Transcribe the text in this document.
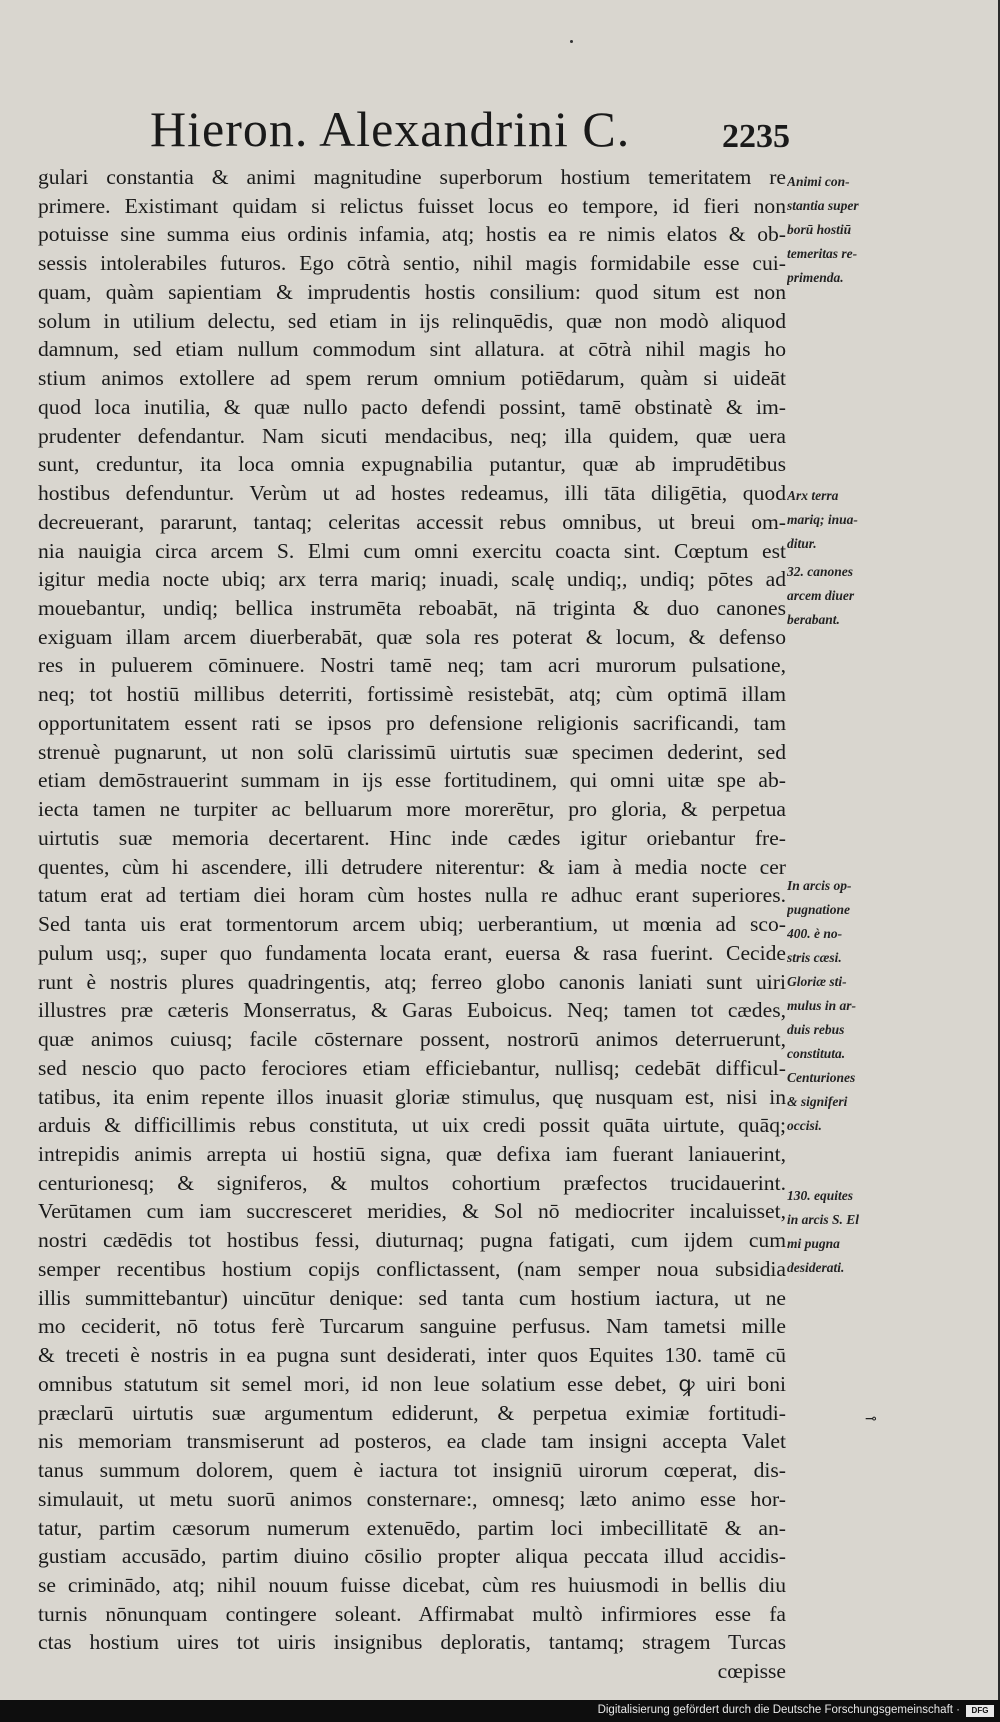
Hieron. Alexandrini C.	2235
gulari constantia & animi magnitudine superborum hostium temeritatem re
primere. Existimant quidam si relictus fuisset locus eo tempore, id fieri non
potuisse sine summa eius ordinis infamia, atq; hostis ea re nimis elatos & ob-
sessis intolerabiles futuros. Ego cōtrà sentio, nihil magis formidabile esse cui-
quam, quàm sapientiam & imprudentis hostis consilium: quod situm est non
solum in utilium delectu, sed etiam in ijs relinquēdis, quæ non modò aliquod
damnum, sed etiam nullum commodum sint allatura. at cōtrà nihil magis ho
stium animos extollere ad spem rerum omnium potiēdarum, quàm si uideāt
quod loca inutilia, & quæ nullo pacto defendi possint, tamē obstinatè & im-
prudenter defendantur. Nam sicuti mendacibus, neq; illa quidem, quæ uera
sunt, creduntur, ita loca omnia expugnabilia putantur, quæ ab imprudētibus
hostibus defenduntur. Verùm ut ad hostes redeamus, illi tāta diligētia, quod
decreuerant, pararunt, tantaq; celeritas accessit rebus omnibus, ut breui om-
nia nauigia circa arcem S. Elmi cum omni exercitu coacta sint. Cœptum est
igitur media nocte ubiq; arx terra mariq; inuadi, scalę undiq;, undiq; pōtes ad
mouebantur, undiq; bellica instrumēta reboabāt, nā triginta & duo canones
exiguam illam arcem diuerberabāt, quæ sola res poterat & locum, & defenso
res in puluerem cōminuere. Nostri tamē neq; tam acri murorum pulsatione,
neq; tot hostiū millibus deterriti, fortissimè resistebāt, atq; cùm optimā illam
opportunitatem essent rati se ipsos pro defensione religionis sacrificandi, tam
strenuè pugnarunt, ut non solū clarissimū uirtutis suæ specimen dederint, sed
etiam demōstrauerint summam in ijs esse fortitudinem, qui omni uitæ spe ab-
iecta tamen ne turpiter ac belluarum more morerētur, pro gloria, & perpetua
uirtutis suæ memoria decertarent. Hinc inde cædes igitur oriebantur fre-
quentes, cùm hi ascendere, illi detrudere niterentur: & iam à media nocte cer
tatum erat ad tertiam diei horam cùm hostes nulla re adhuc erant superiores.
Sed tanta uis erat tormentorum arcem ubiq; uerberantium, ut mœnia ad sco-
pulum usq;, super quo fundamenta locata erant, euersa & rasa fuerint. Cecide
runt è nostris plures quadringentis, atq; ferreo globo canonis laniati sunt uiri
illustres præ cæteris Monserratus, & Garas Euboicus. Neq; tamen tot cædes,
quæ animos cuiusq; facile cōsternare possent, nostrorū animos deterruerunt,
sed nescio quo pacto ferociores etiam efficiebantur, nullisq; cedebāt difficul-
tatibus, ita enim repente illos inuasit gloriæ stimulus, quę nusquam est, nisi in
arduis & difficillimis rebus constituta, ut uix credi possit quāta uirtute, quāq;
intrepidis animis arrepta ui hostiū signa, quæ defixa iam fuerant laniauerint,
centurionesq; & signiferos, & multos cohortium præfectos trucidauerint.
Verūtamen cum iam succresceret meridies, & Sol nō mediocriter incaluisset,
nostri cædēdis tot hostibus fessi, diuturnaq; pugna fatigati, cum ijdem cum
semper recentibus hostium copijs conflictassent, (nam semper noua subsidia
illis summittebantur) uincūtur denique: sed tanta cum hostium iactura, ut ne
mo ceciderit, nō totus ferè Turcarum sanguine perfusus. Nam tametsi mille
& treceti è nostris in ea pugna sunt desiderati, inter quos Equites 130. tamē cū
omnibus statutum sit semel mori, id non leue solatium esse debet, ꝙ uiri boni
præclarū uirtutis suæ argumentum ediderunt, & perpetua eximiæ fortitudi-
nis memoriam transmiserunt ad posteros, ea clade tam insigni accepta Valet
tanus summum dolorem, quem è iactura tot insigniū uirorum cœperat, dis-
simulauit, ut metu suorū animos consternare:, omnesq; læto animo esse hor-
tatur, partim cæsorum numerum extenuēdo, partim loci imbecillitatē & an-
gustiam accusādo, partim diuino cōsilio propter aliqua peccata illud accidis-
se criminādo, atq; nihil nouum fuisse dicebat, cùm res huiusmodi in bellis diu
turnis nōnunquam contingere soleant. Affirmabat multò infirmiores esse fa
ctas hostium uires tot uiris insignibus deploratis, tantamq; stragem Turcas
cœpisse
Animi con-
stantia super
borū hostiū
temeritas re-
primenda.
Arx terra
mariq; inua-
ditur.
32. canones
arcem diuer
berabant.
In arcis op-
pugnatione
400. è no-
stris cæsi.
Gloriæ sti-
mulus in ar-
duis rebus
constituta.
Centuriones
& signiferi
occisi.
130. equites
in arcis S. El
mi pugna
desiderati.
⊸
Digitalisierung gefördert durch die Deutsche Forschungsgemeinschaft ·	DFG
